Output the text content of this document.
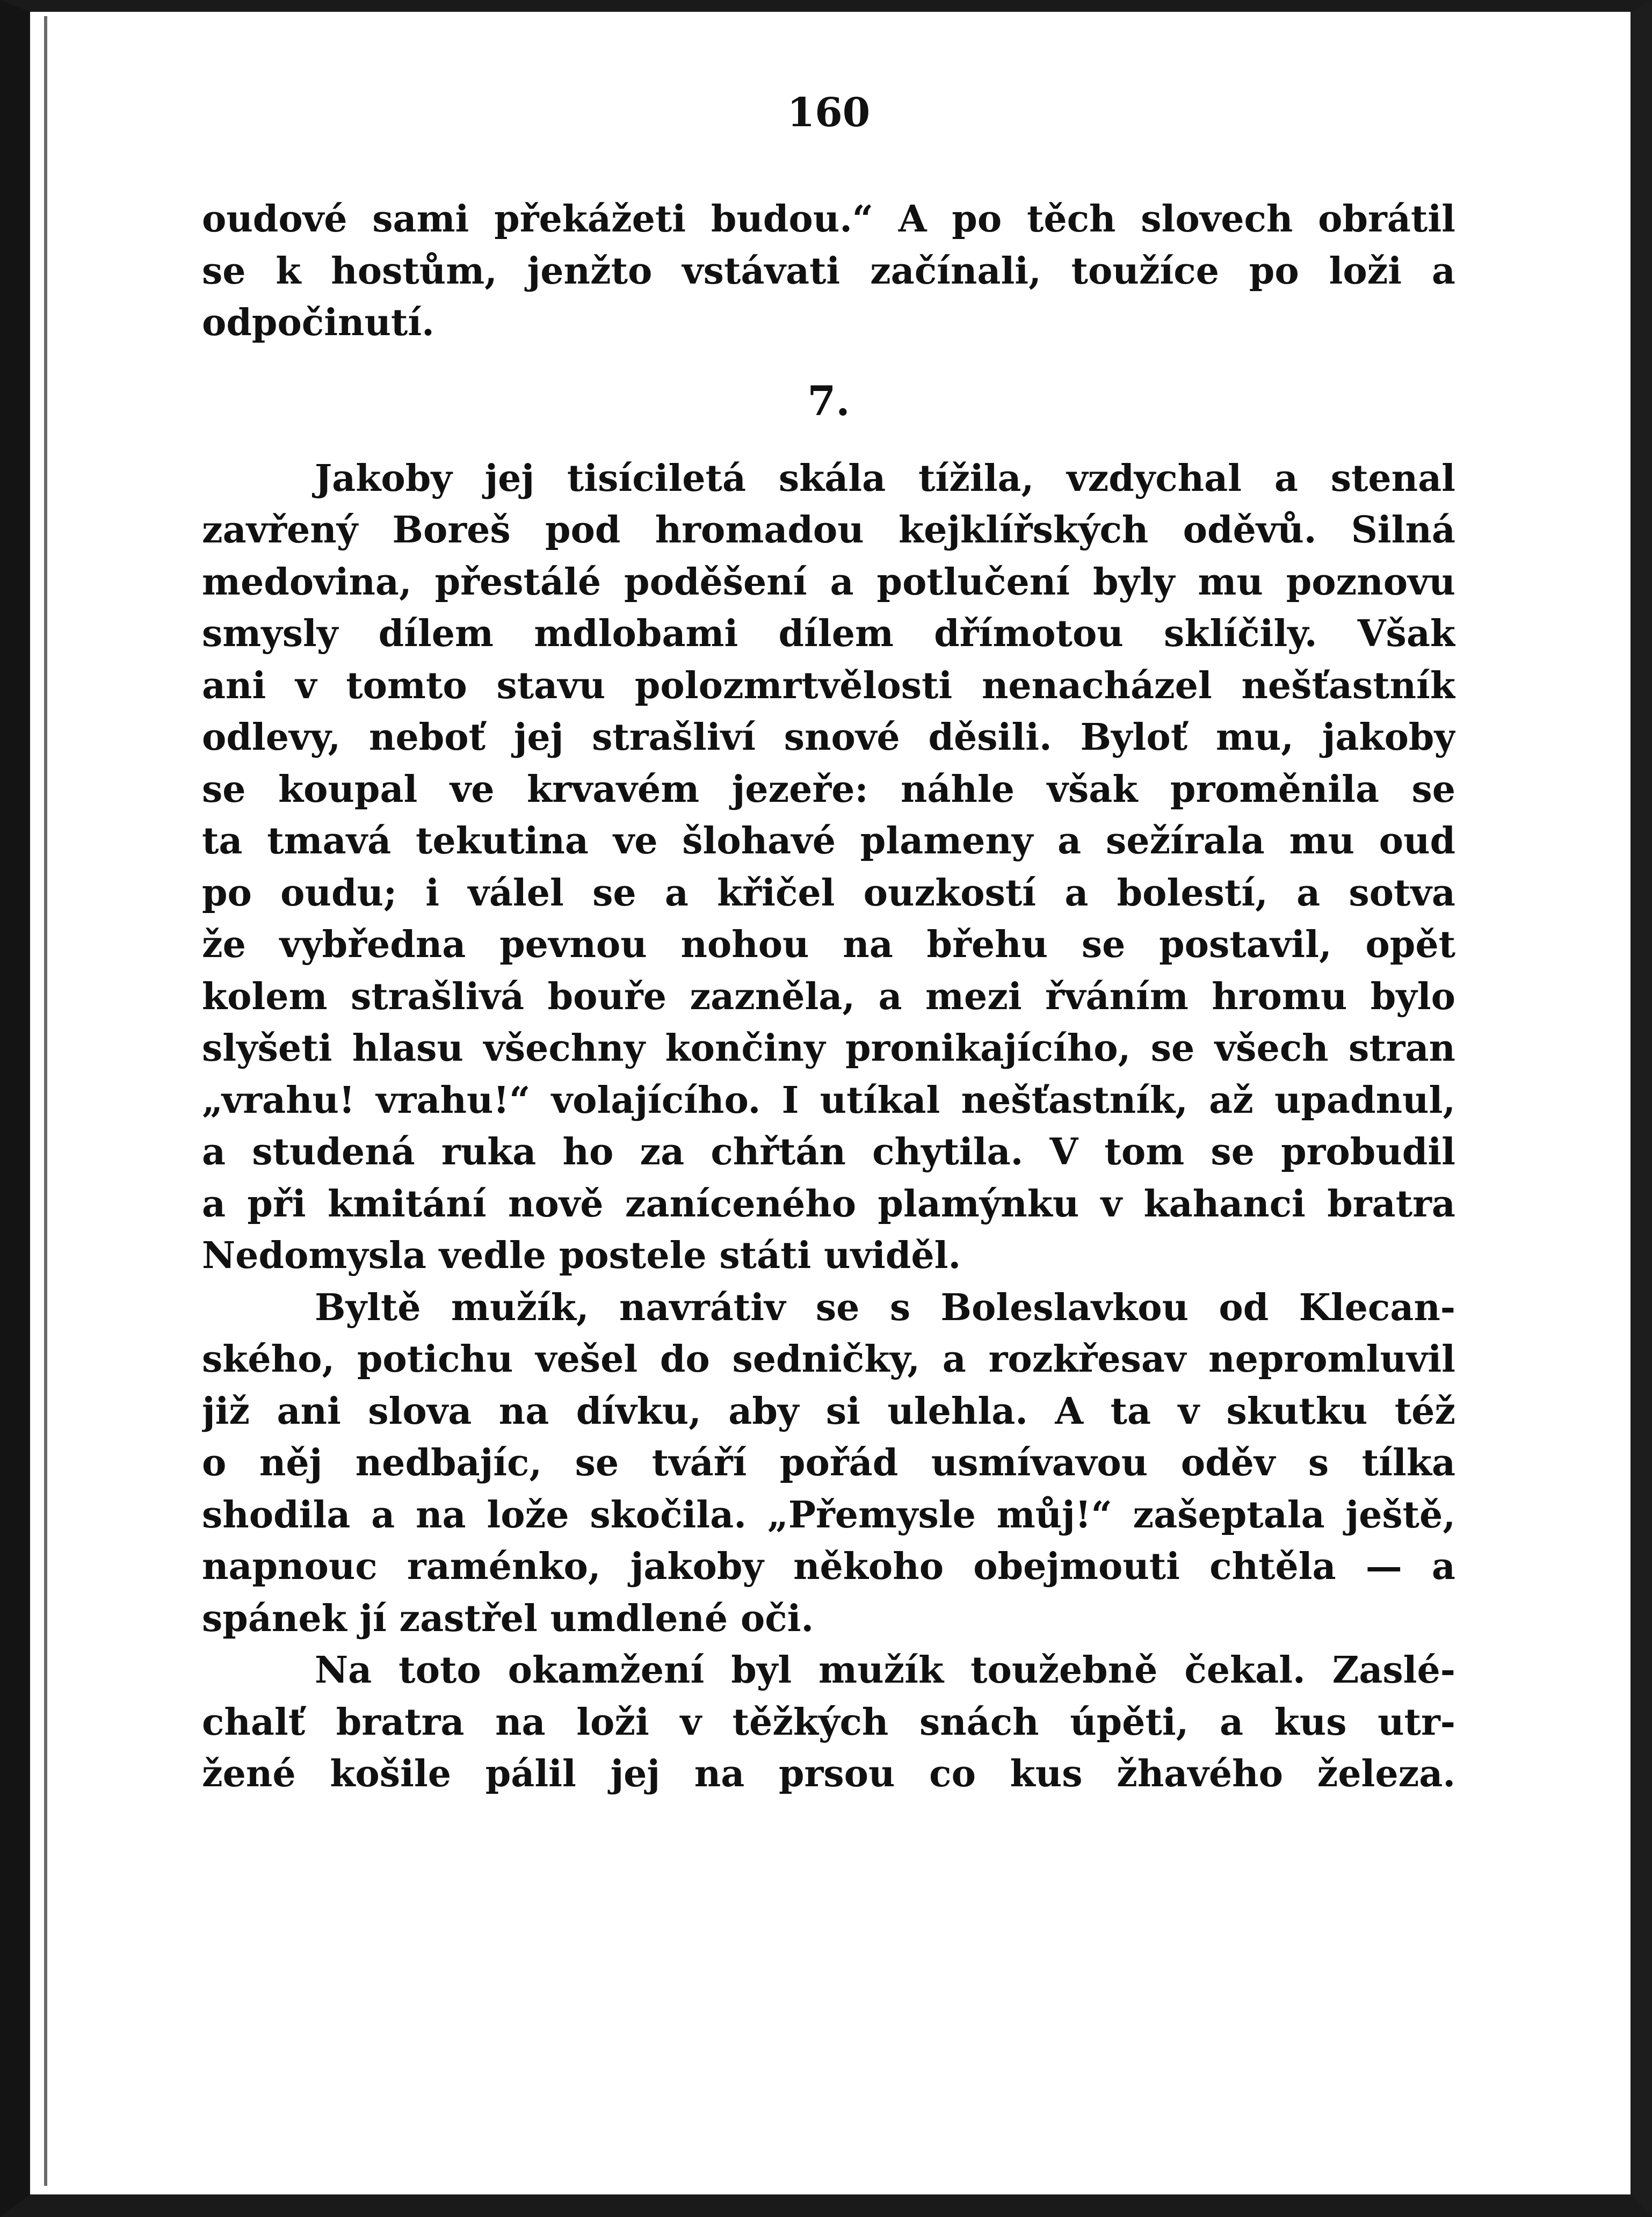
160
oudové sami překážeti budou.“ A po těch slovech obrátil
se k hostům, jenžto vstávati začínali, toužíce po loži a
odpočinutí.
7.
Jakoby jej tisíciletá skála tížila, vzdychal a stenal
zavřený Boreš pod hromadou kejklířských oděvů. Silná
medovina, přestálé poděšení a potlučení byly mu poznovu
smysly dílem mdlobami dílem dřímotou sklíčily. Však
ani v tomto stavu polozmrtvělosti nenacházel nešťastník
odlevy, neboť jej strašliví snové děsili. Byloť mu, jakoby
se koupal ve krvavém jezeře: náhle však proměnila se
ta tmavá tekutina ve šlohavé plameny a sežírala mu oud
po oudu; i válel se a křičel ouzkostí a bolestí, a sotva
že vybředna pevnou nohou na břehu se postavil, opět
kolem strašlivá bouře zazněla, a mezi řváním hromu bylo
slyšeti hlasu všechny končiny pronikajícího, se všech stran
„vrahu! vrahu!“ volajícího. I utíkal nešťastník, až upadnul,
a studená ruka ho za chřtán chytila. V tom se probudil
a při kmitání nově zaníceného plamýnku v kahanci bratra
Nedomysla vedle postele státi uviděl.
Byltě mužík, navrátiv se s Boleslavkou od Klecan-
ského, potichu vešel do sedničky, a rozkřesav nepromluvil
již ani slova na dívku, aby si ulehla. A ta v skutku též
o něj nedbajíc, se tváří pořád usmívavou oděv s tílka
shodila a na lože skočila. „Přemysle můj!“ zašeptala ještě,
napnouc raménko, jakoby někoho obejmouti chtěla — a
spánek jí zastřel umdlené oči.
Na toto okamžení byl mužík toužebně čekal. Zaslé-
chalť bratra na loži v těžkých snách úpěti, a kus utr-
žené košile pálil jej na prsou co kus žhavého železa.
